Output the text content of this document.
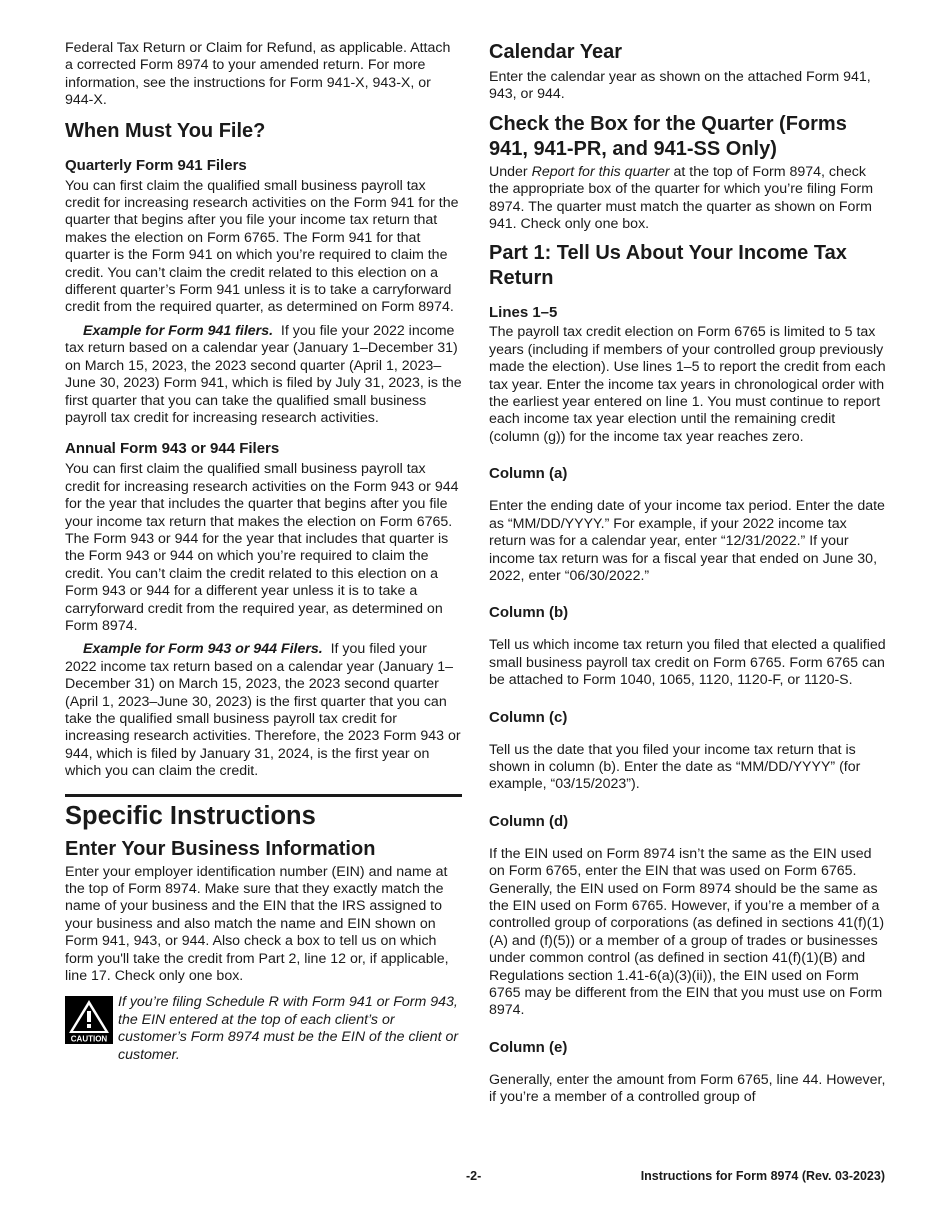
Federal Tax Return or Claim for Refund, as applicable. Attach a corrected Form 8974 to your amended return. For more information, see the instructions for Form 941-X, 943-X, or 944-X.

When Must You File?
Quarterly Form 941 Filers

You can first claim the qualified small business payroll tax credit for increasing research activities on the Form 941 for the quarter that begins after you file your income tax return that makes the election on Form 6765. The Form 941 for that quarter is the Form 941 on which you’re required to claim the credit. You can’t claim the credit related to this election on a different quarter’s Form 941 unless it is to take a carryforward credit from the required quarter, as determined on Form 8974.

Example for Form 941 filers. If you file your 2022 income tax return based on a calendar year (January 1–December 31) on March 15, 2023, the 2023 second quarter (April 1, 2023–June 30, 2023) Form 941, which is filed by July 31, 2023, is the first quarter that you can take the qualified small business payroll tax credit for increasing research activities.

Annual Form 943 or 944 Filers

You can first claim the qualified small business payroll tax credit for increasing research activities on the Form 943 or 944 for the year that includes the quarter that begins after you file your income tax return that makes the election on Form 6765. The Form 943 or 944 for the year that includes that quarter is the Form 943 or 944 on which you’re required to claim the credit. You can’t claim the credit related to this election on a Form 943 or 944 for a different year unless it is to take a carryforward credit from the required year, as determined on Form 8974.

Example for Form 943 or 944 Filers. If you filed your 2022 income tax return based on a calendar year (January 1–December 31) on March 15, 2023, the 2023 second quarter (April 1, 2023–June 30, 2023) is the first quarter that you can take the qualified small business payroll tax credit for increasing research activities. Therefore, the 2023 Form 943 or 944, which is filed by January 31, 2024, is the first year on which you can claim the credit.

Specific Instructions
Enter Your Business Information

Enter your employer identification number (EIN) and name at the top of Form 8974. Make sure that they exactly match the name of your business and the EIN that the IRS assigned to your business and also match the name and EIN shown on Form 941, 943, or 944. Also check a box to tell us on which form you'll take the credit from Part 2, line 12 or, if applicable, line 17. Check only one box.

CAUTION

If you’re filing Schedule R with Form 941 or Form 943, the EIN entered at the top of each client’s or customer’s Form 8974 must be the EIN of the client or customer.

Calendar Year

Enter the calendar year as shown on the attached Form 941, 943, or 944.

Check the Box for the Quarter (Forms 941, 941-PR, and 941-SS Only)

Under Report for this quarter at the top of Form 8974, check the appropriate box of the quarter for which you’re filing Form 8974. The quarter must match the quarter as shown on Form 941. Check only one box.

Part 1: Tell Us About Your Income Tax Return
Lines 1–5

The payroll tax credit election on Form 6765 is limited to 5 tax years (including if members of your controlled group previously made the election). Use lines 1–5 to report the credit from each tax year. Enter the income tax years in chronological order with the earliest year entered on line 1. You must continue to report each income tax year election until the remaining credit (column (g)) for the income tax year reaches zero.

Column (a)

Enter the ending date of your income tax period. Enter the date as “MM/DD/YYYY.” For example, if your 2022 income tax return was for a calendar year, enter “12/31/2022.” If your income tax return was for a fiscal year that ended on June 30, 2022, enter “06/30/2022.”

Column (b)

Tell us which income tax return you filed that elected a qualified small business payroll tax credit on Form 6765. Form 6765 can be attached to Form 1040, 1065, 1120, 1120-F, or 1120-S.

Column (c)

Tell us the date that you filed your income tax return that is shown in column (b). Enter the date as “MM/DD/YYYY” (for example, “03/15/2023”).

Column (d)

If the EIN used on Form 8974 isn’t the same as the EIN used on Form 6765, enter the EIN that was used on Form 6765. Generally, the EIN used on Form 8974 should be the same as the EIN used on Form 6765. However, if you’re a member of a controlled group of corporations (as defined in sections 41(f)(1)(A) and (f)(5)) or a member of a group of trades or businesses under common control (as defined in section 41(f)(1)(B) and Regulations section 1.41-6(a)(3)(ii)), the EIN used on Form 6765 may be different from the EIN that you must use on Form 8974.

Column (e)

Generally, enter the amount from Form 6765, line 44. However, if you’re a member of a controlled group of

-2-	Instructions for Form 8974 (Rev. 03-2023)
